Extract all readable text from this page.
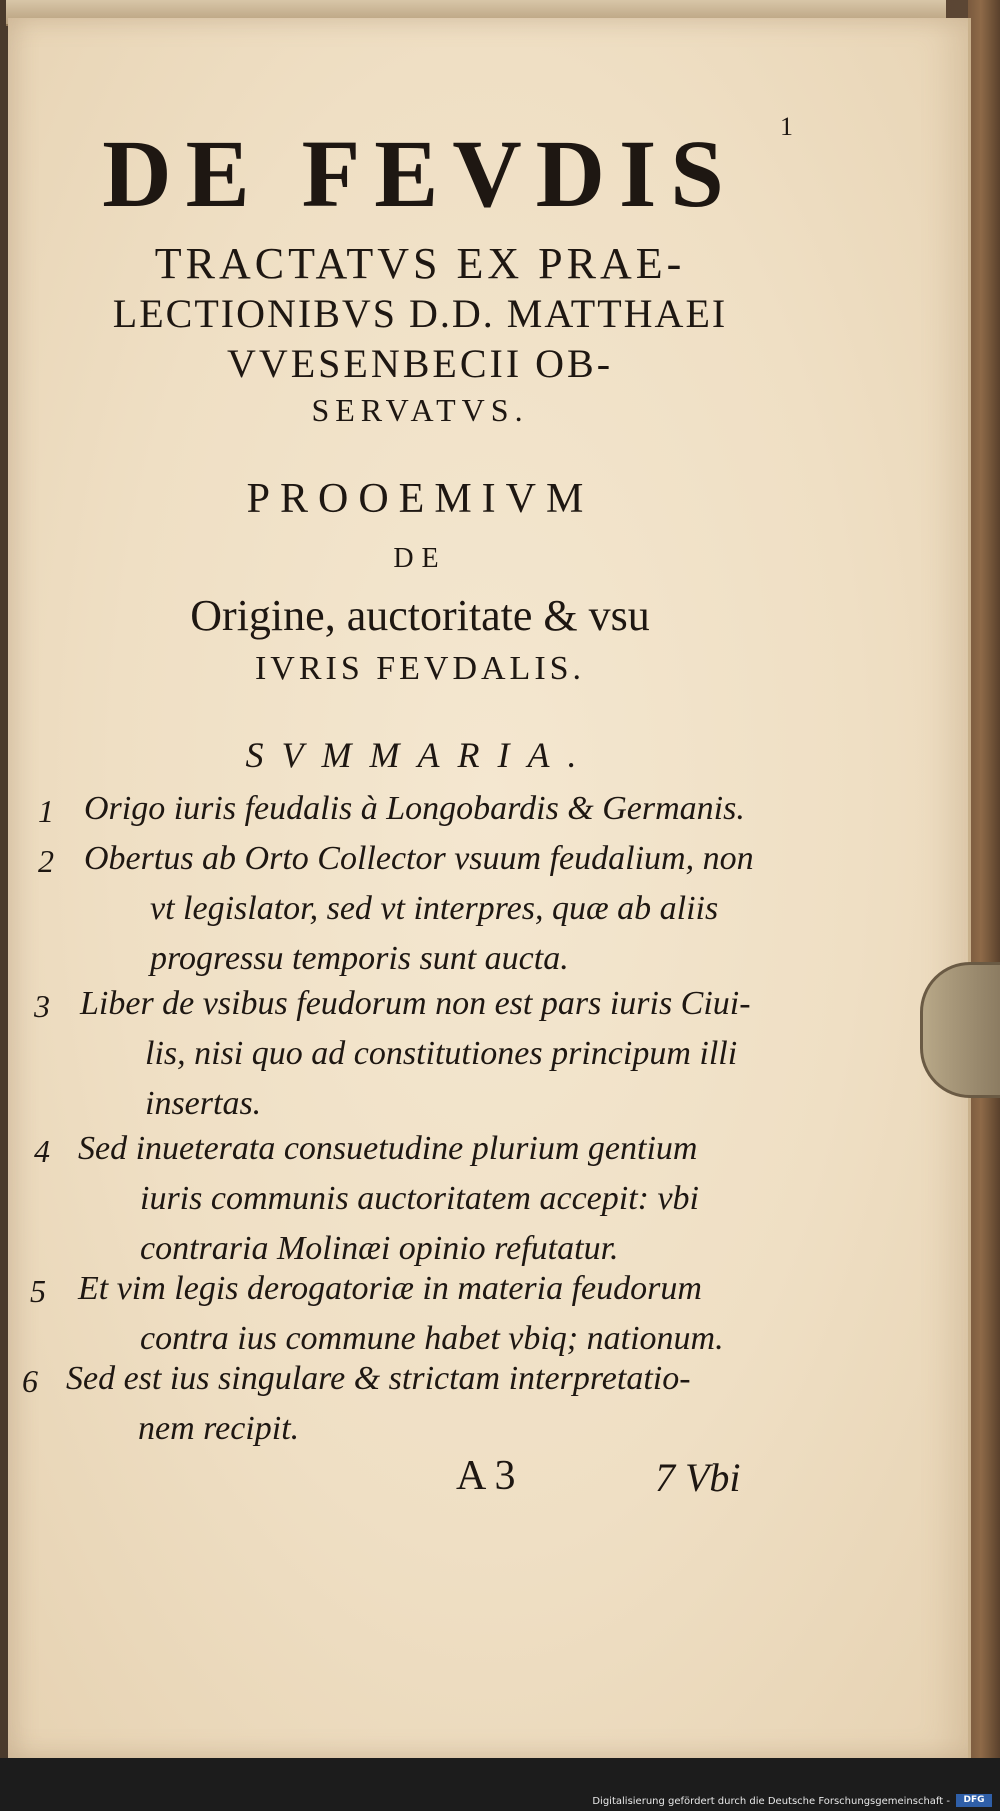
1
DE FEVDIS
TRACTATVS EX PRAE-
LECTIONIBVS D.D. MATTHAEI
VVESENBECII OB-
SERVATVS.
PROOEMIVM
DE
Origine, auctoritate & vsu
IVRIS FEVDALIS.
SVMMARIA.
1 Origo iuris feudalis à Longobardis & Germanis.
2 Obertus ab Orto Collector vsuum feudalium, non
vt legislator, sed vt interpres, quæ ab aliis
progressu temporis sunt aucta.
3 Liber de vsibus feudorum non est pars iuris Ciui-
lis, nisi quo ad constitutiones principum illi
insertas.
4 Sed inueterata consuetudine plurium gentium
iuris communis auctoritatem accepit: vbi
contraria Molinæi opinio refutatur.
5 Et vim legis derogatoriæ in materia feudorum
contra ius commune habet vbiq; nationum.
6 Sed est ius singulare & strictam interpretatio-
nem recipit.
A 3	7 Vbi
Digitalisierung gefördert durch die Deutsche Forschungsgemeinschaft -	DFG
